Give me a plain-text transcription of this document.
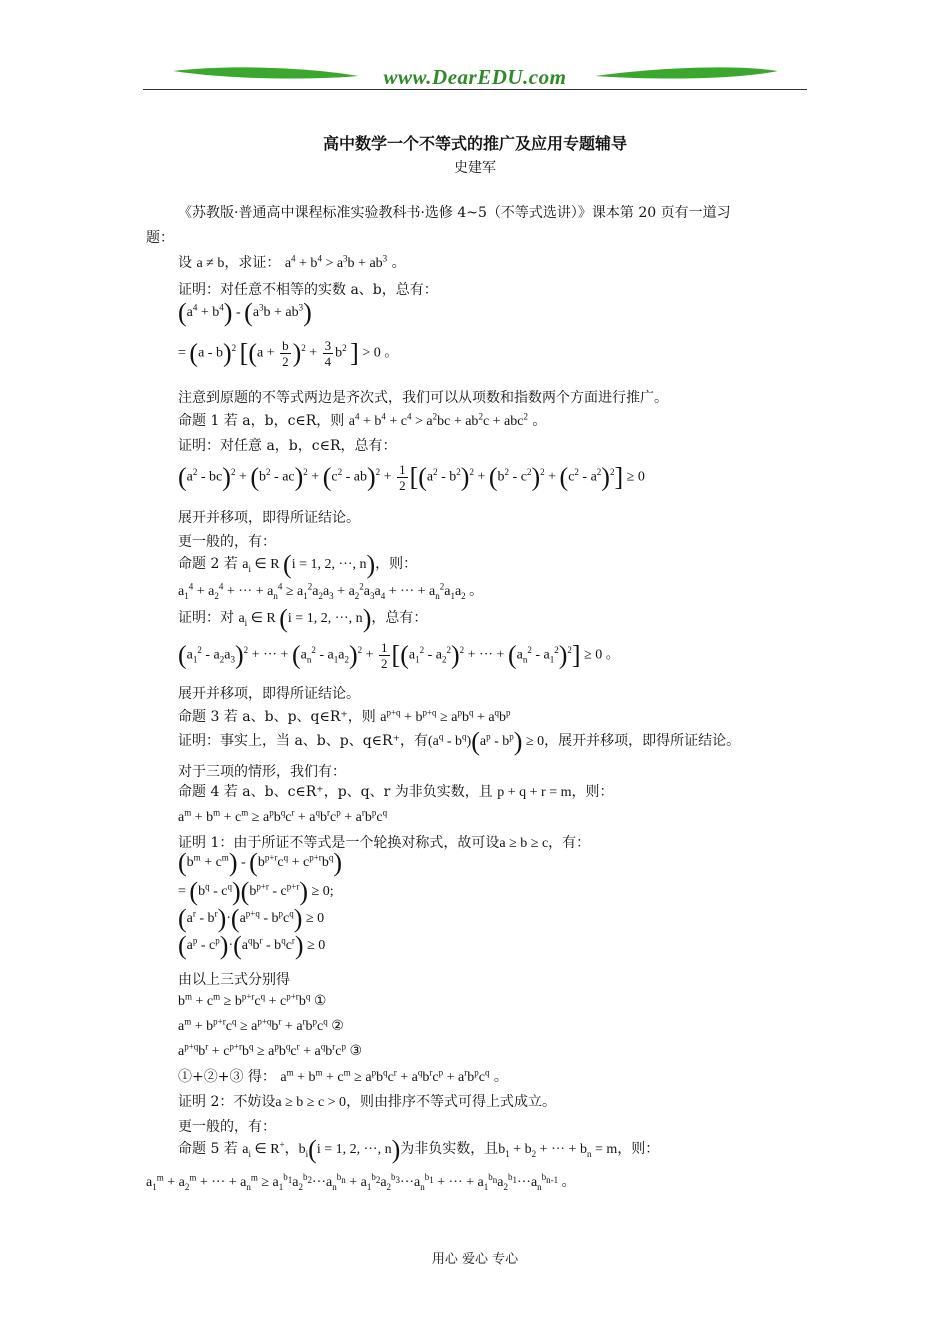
www.DearEDU.com
高中数学一个不等式的推广及应用专题辅导
史建军
《苏教版·普通高中课程标准实验教科书·选修 4~5（不等式选讲）》课本第 20 页有一道习
题：
设 a ≠ b，求证： $a^4 + b^4 > a^3b + ab^3$ 。
证明：对任意不相等的实数 a、b，总有：
$(a^4 + b^4) - (a^3b + ab^3)$
= (a - b)$^2$ [$(a + \frac{b}{2} )^2 + \frac{3}{4} b^2$ ] > 0 。
注意到原题的不等式两边是齐次式，我们可以从项数和指数两个方面进行推广。
命题 1 若 a，b，c∈R，则 $a^4 + b^4 + c^4 > a^2bc + ab^2c + abc^2$ 。
证明：对任意 a，b，c∈R，总有：
$(a^2 - bc)^2 + (b^2 - ac)^2 + (c^2 - ab)^2 + \frac{1}{2} [(a^2 - b^2)^2 + (b^2 - c^2)^2 + (c^2 - a^2)^2] \ge 0$
展开并移项，即得所证结论。
更一般的，有：
命题 2 若 $a_i$ ∈ R (i = 1, 2, ···, n)，则：
$a_1^4 + a_2^4$ + ··· + $a_n^4 \ge a_1^2a_2a_3 + a_2^2a_3a_4$ + ··· + $a_n^2a_1a_2$ 。
证明：对 $a_i$ ∈ R (i = 1, 2, ···, n)，总有：
$(a_1^2 - a_2a_3)^2$ + ··· + $(a_n^2 - a_1a_2)^2 + \frac{1}{2} [(a_1^2 - a_2^2)^2$ + ··· + $(a_n^2 - a_1^2)^2] \ge 0$ 。
展开并移项，即得所证结论。
命题 3 若 a、b、p、q∈R⁺，则 $a^{p+q} + b^{p+q} \ge a^pb^q + a^qb^p$
证明：事实上，当 a、b、p、q∈R⁺，有$(a^q - b^q)(a^p - b^p) \ge 0$，展开并移项，即得所证结论。
对于三项的情形，我们有：
命题 4 若 a、b、c∈R⁺，p、q、r 为非负实数，且 p + q + r = m，则：
$a^m + b^m + c^m \ge a^pb^qc^r + a^qb^rc^p + a^rb^pc^q$
证明 1：由于所证不等式是一个轮换对称式，故可设a ≥ b ≥ c，有：
$(b^m + c^m) - (b^{p+r}c^q + c^{p+r}b^q)$
= $(b^q - c^q)(b^{p+r} - c^{p+r}) \ge 0$;
$(a^r - b^r)\cdot(a^{p+q} - b^pc^q) \ge 0$
$(a^p - c^p)\cdot(a^qb^r - b^qc^r) \ge 0$
由以上三式分别得
$b^m + c^m \ge b^{p+r}c^q + c^{p+r}b^q$ ①
$a^m + b^{p+r}c^q \ge a^{p+q}b^r + a^rb^pc^q$ ②
$a^{p+q}b^r + c^{p+r}b^q \ge a^pb^qc^r + a^qb^rc^p$ ③
①+②+③ 得： $a^m + b^m + c^m \ge a^pb^qc^r + a^qb^rc^p + a^rb^pc^q$ 。
证明 2：不妨设a ≥ b ≥ c > 0，则由排序不等式可得上式成立。
更一般的，有：
命题 5 若 $a_i$ ∈ R+，$b_i(i = 1$, 2, ···, n)为非负实数，且$b_1 + b_2$ + ··· + $b_n = m$，则：
$a_1^m + a_2^m$ + ··· + $a_n^m \ge a_1^{b_1}a_2^{b_2}\cdot\cdot\cdot a_n^{b_n} + a_1^{b_2}a_2^{b_3}\cdot\cdot\cdot a_n^{b_1}$ + ··· + $a_1^{b_n}a_2^{b_1}\cdot\cdot\cdot a_n^{b_{n-1}}$ 。
用心 爱心 专心
